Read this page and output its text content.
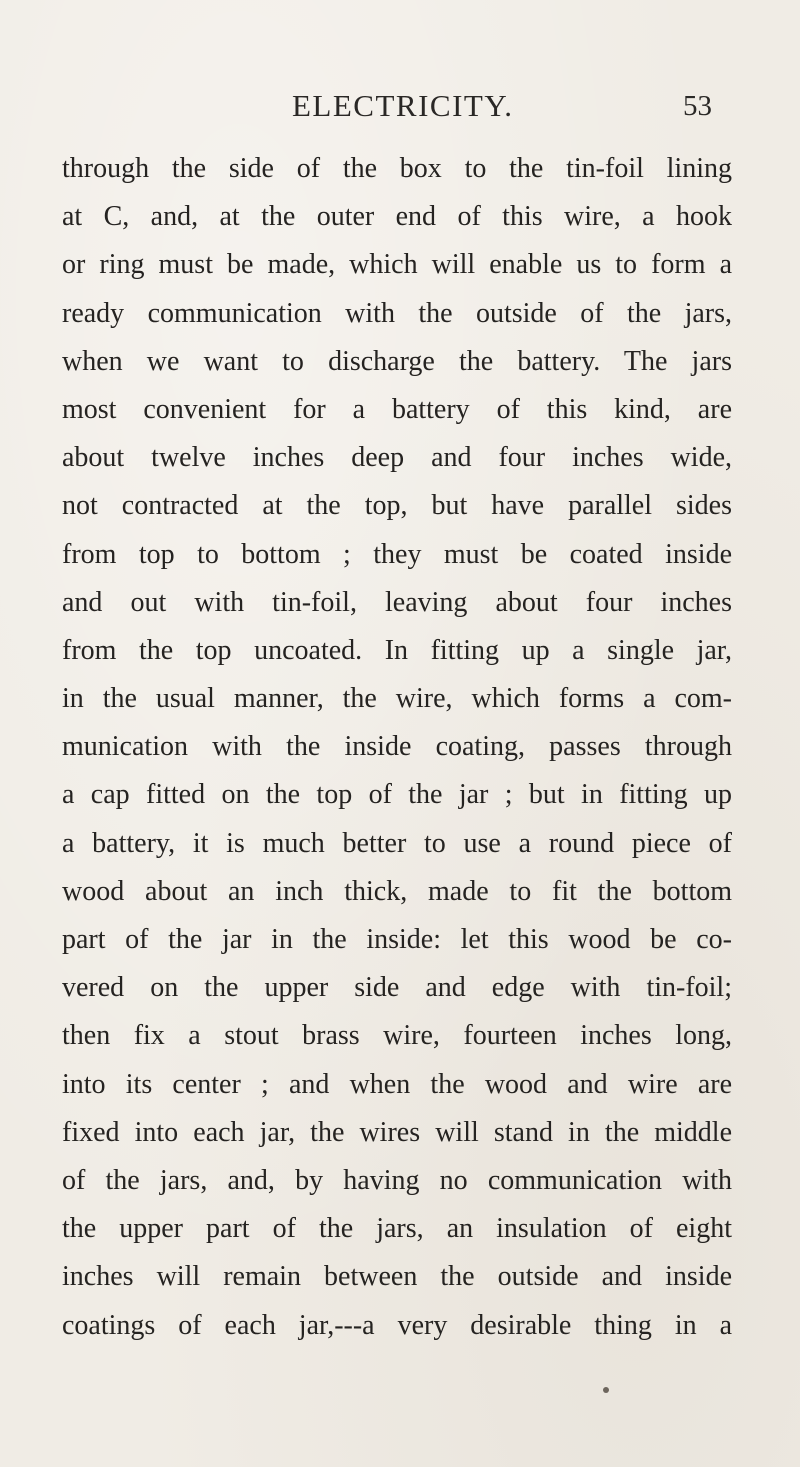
ELECTRICITY.	53
through the side of the box to the tin-foil lining
at C, and, at the outer end of this wire, a hook
or ring must be made, which will enable us to form a
ready communication with the outside of the jars,
when we want to discharge the battery. The jars
most convenient for a battery of this kind, are
about twelve inches deep and four inches wide,
not contracted at the top, but have parallel sides
from top to bottom ; they must be coated inside
and out with tin-foil, leaving about four inches
from the top uncoated. In fitting up a single jar,
in the usual manner, the wire, which forms a com-
munication with the inside coating, passes through
a cap fitted on the top of the jar ; but in fitting up
a battery, it is much better to use a round piece of
wood about an inch thick, made to fit the bottom
part of the jar in the inside: let this wood be co-
vered on the upper side and edge with tin-foil;
then fix a stout brass wire, fourteen inches long,
into its center ; and when the wood and wire are
fixed into each jar, the wires will stand in the middle
of the jars, and, by having no communication with
the upper part of the jars, an insulation of eight
inches will remain between the outside and inside
coatings of each jar,---a very desirable thing in a
